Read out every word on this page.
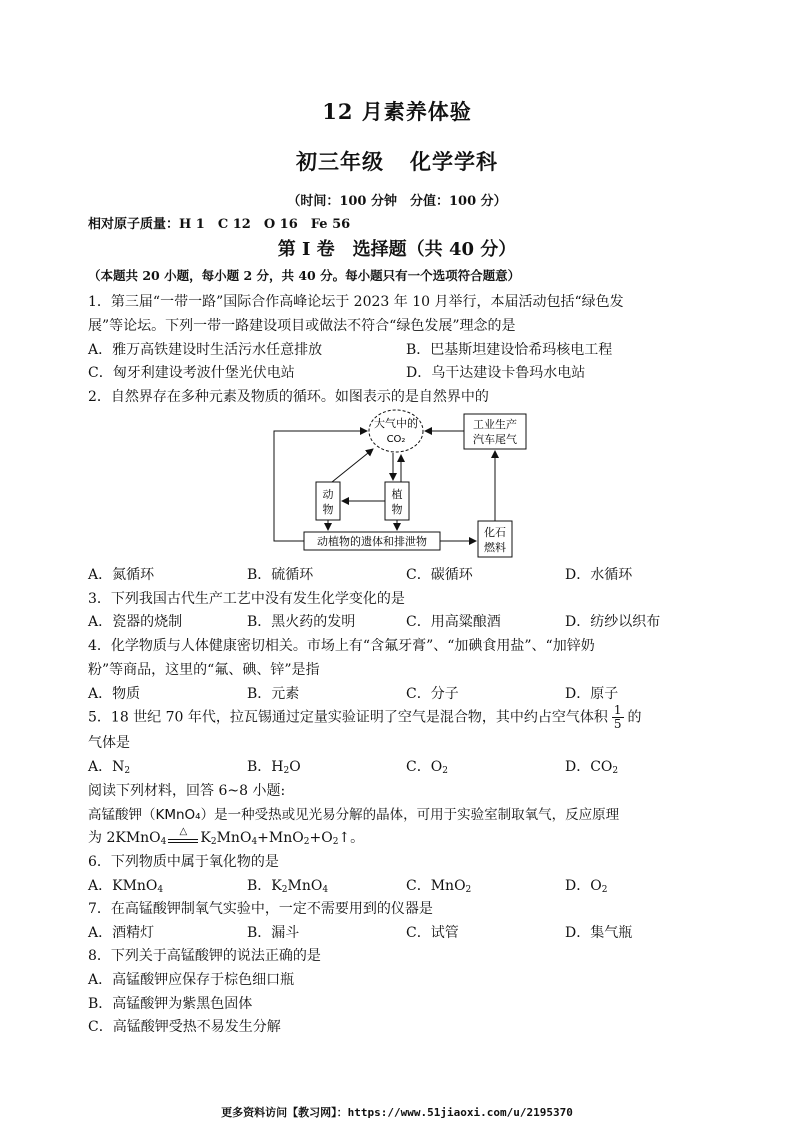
12 月素养体验
初三年级 化学学科
（时间：100 分钟　分值：100 分）
相对原子质量：H 1　C 12　O 16　Fe 56
第 I 卷　选择题（共 40 分）
（本题共 20 小题，每小题 2 分，共 40 分。每小题只有一个选项符合题意）
1．第三届“一带一路”国际合作高峰论坛于 2023 年 10 月举行，本届活动包括“绿色发
展”等论坛。下列一带一路建设项目或做法不符合“绿色发展”理念的是
A．雅万高铁建设时生活污水任意排放	B．巴基斯坦建设恰希玛核电工程
C．匈牙利建设考波什堡光伏电站	D．乌干达建设卡鲁玛水电站
2．自然界存在多种元素及物质的循环。如图表示的是自然界中的
大气中的
CO₂
工业生产
汽车尾气
动
物
植
物
动植物的遗体和排泄物
化石
燃料
A．氮循环	B．硫循环	C．碳循环	D．水循环
3．下列我国古代生产工艺中没有发生化学变化的是
A．瓷器的烧制	B．黑火药的发明	C．用高粱酿酒	D．纺纱以织布
4．化学物质与人体健康密切相关。市场上有“含氟牙膏”、“加碘食用盐”、“加锌奶
粉”等商品，这里的“氟、碘、锌”是指
A．物质	B．元素	C．分子	D．原子
5．18 世纪 70 年代，拉瓦锡通过定量实验证明了空气是混合物，其中约占空气体积 $\frac{1}{5}$ 的
气体是
A．$N_2$	B．$H_2O$	C．$O_2$	D．$CO_2$
阅读下列材料，回答 6~8 小题:
高锰酸钾（KMnO₄）是一种受热或见光易分解的晶体，可用于实验室制取氧气，反应原理
为 2KMnO$_4$
△ $K_2MnO_4+MnO_2+O_2↑$。
6．下列物质中属于氧化物的是
A．KMnO$_4$	B．$K_2MnO_4$	C．MnO$_2$	D．$O_2$
7．在高锰酸钾制氧气实验中，一定不需要用到的仪器是
A．酒精灯	B．漏斗	C．试管	D．集气瓶
8．下列关于高锰酸钾的说法正确的是
A．高锰酸钾应保存于棕色细口瓶
B．高锰酸钾为紫黑色固体
C．高锰酸钾受热不易发生分解
更多资料访问【教习网】：https://www.51jiaoxi.com/u/2195370
